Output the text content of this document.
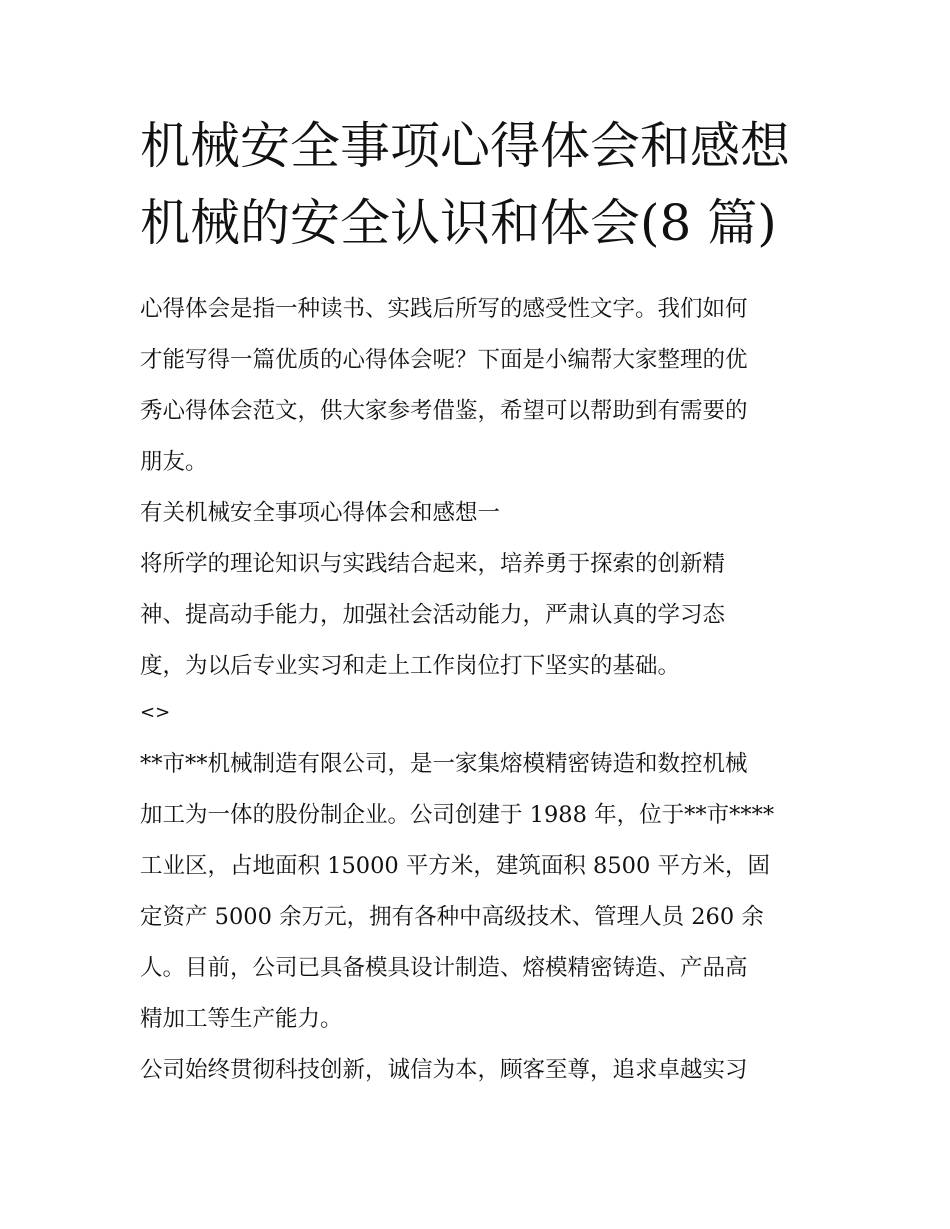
机械安全事项心得体会和感想
机械的安全认识和体会(8 篇)

心得体会是指一种读书、实践后所写的感受性文字。我们如何
才能写得一篇优质的心得体会呢？下面是小编帮大家整理的优
秀心得体会范文，供大家参考借鉴，希望可以帮助到有需要的
朋友。

有关机械安全事项心得体会和感想一

将所学的理论知识与实践结合起来，培养勇于探索的创新精
神、提高动手能力，加强社会活动能力，严肃认真的学习态
度，为以后专业实习和走上工作岗位打下坚实的基础。

<>

**市**机械制造有限公司，是一家集熔模精密铸造和数控机械
加工为一体的股份制企业。公司创建于 1988 年，位于**市****
工业区，占地面积 15000 平方米，建筑面积 8500 平方米，固
定资产 5000 余万元，拥有各种中高级技术、管理人员 260 余
人。目前，公司已具备模具设计制造、熔模精密铸造、产品高
精加工等生产能力。

公司始终贯彻科技创新，诚信为本，顾客至尊，追求卓越实习
